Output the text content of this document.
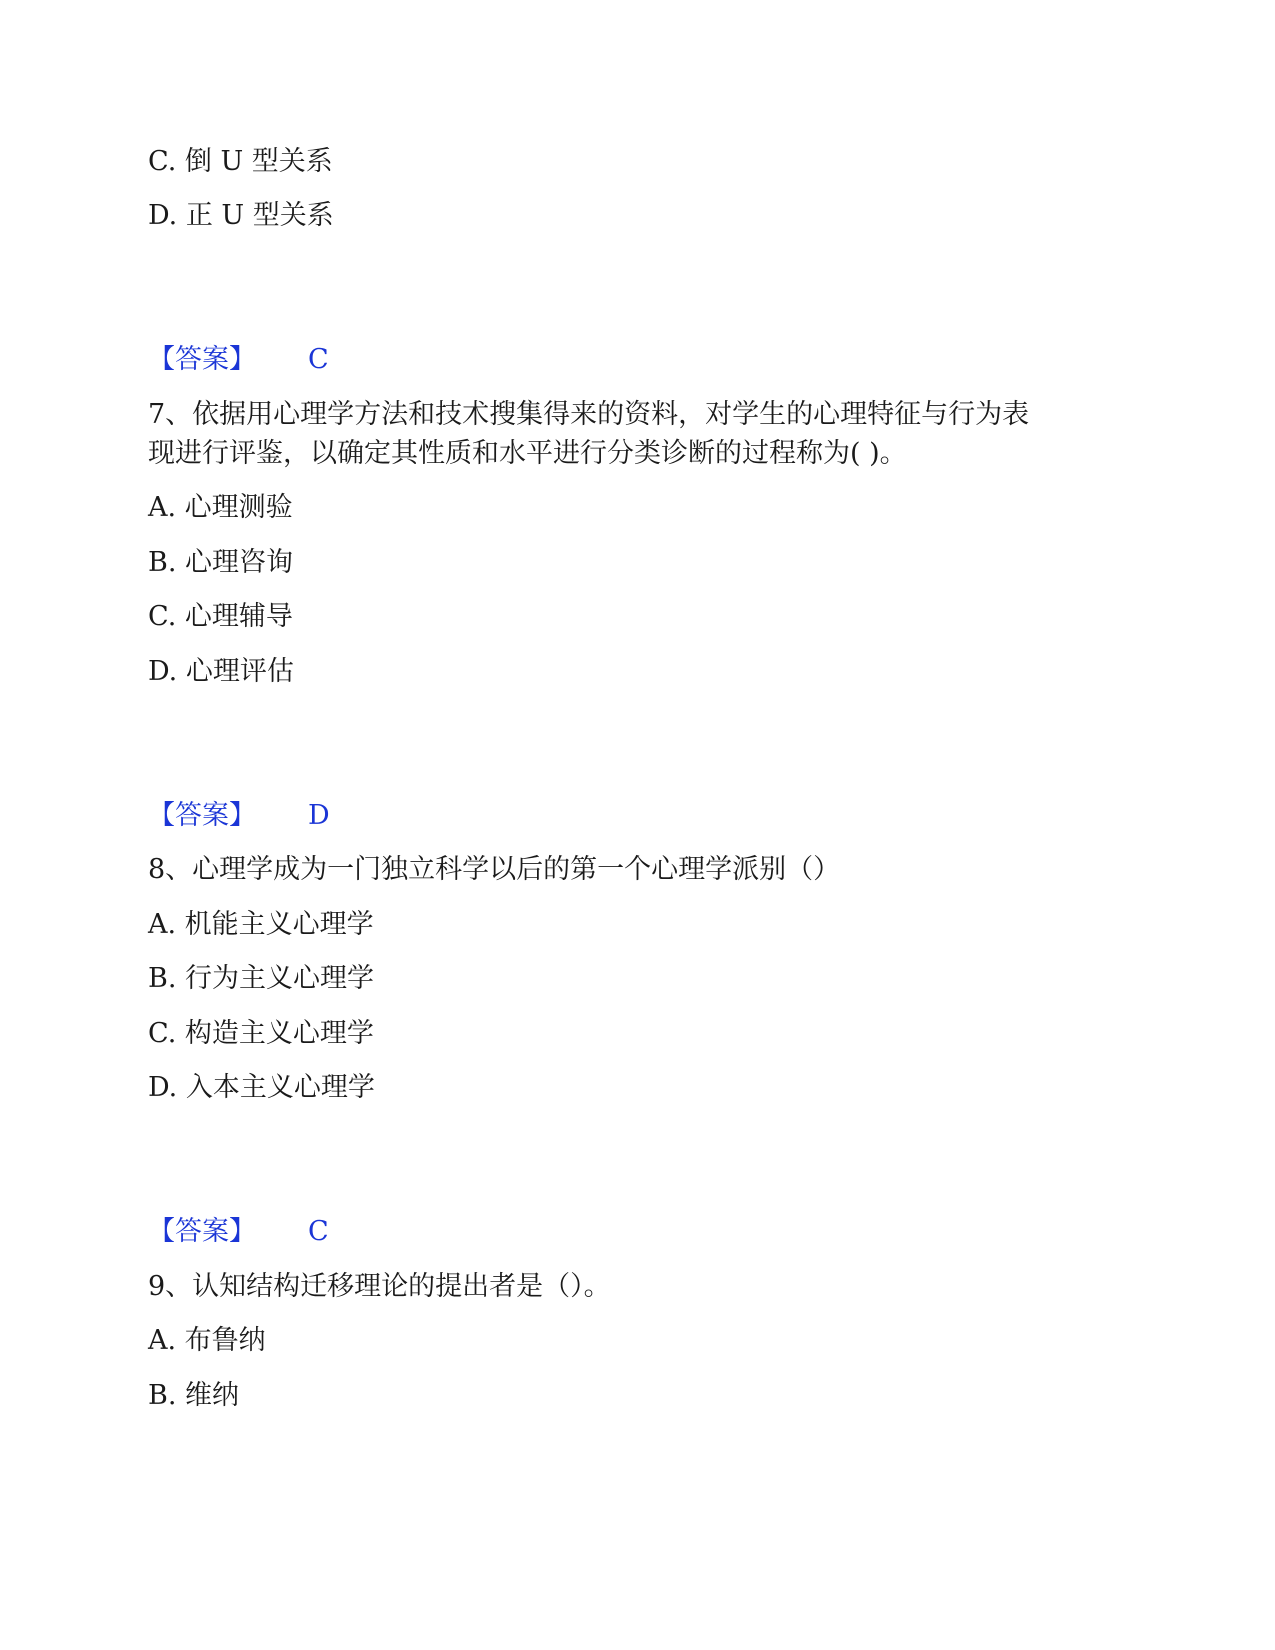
C. 倒 U 型关系
D. 正 U 型关系
【答案】 C
7、依据用心理学方法和技术搜集得来的资料，对学生的心理特征与行为表
现进行评鉴，以确定其性质和水平进行分类诊断的过程称为( )。
A. 心理测验
B. 心理咨询
C. 心理辅导
D. 心理评估
【答案】 D
8、心理学成为一门独立科学以后的第一个心理学派别（）
A. 机能主义心理学
B. 行为主义心理学
C. 构造主义心理学
D. 入本主义心理学
【答案】 C
9、认知结构迁移理论的提出者是（）。
A. 布鲁纳
B. 维纳
